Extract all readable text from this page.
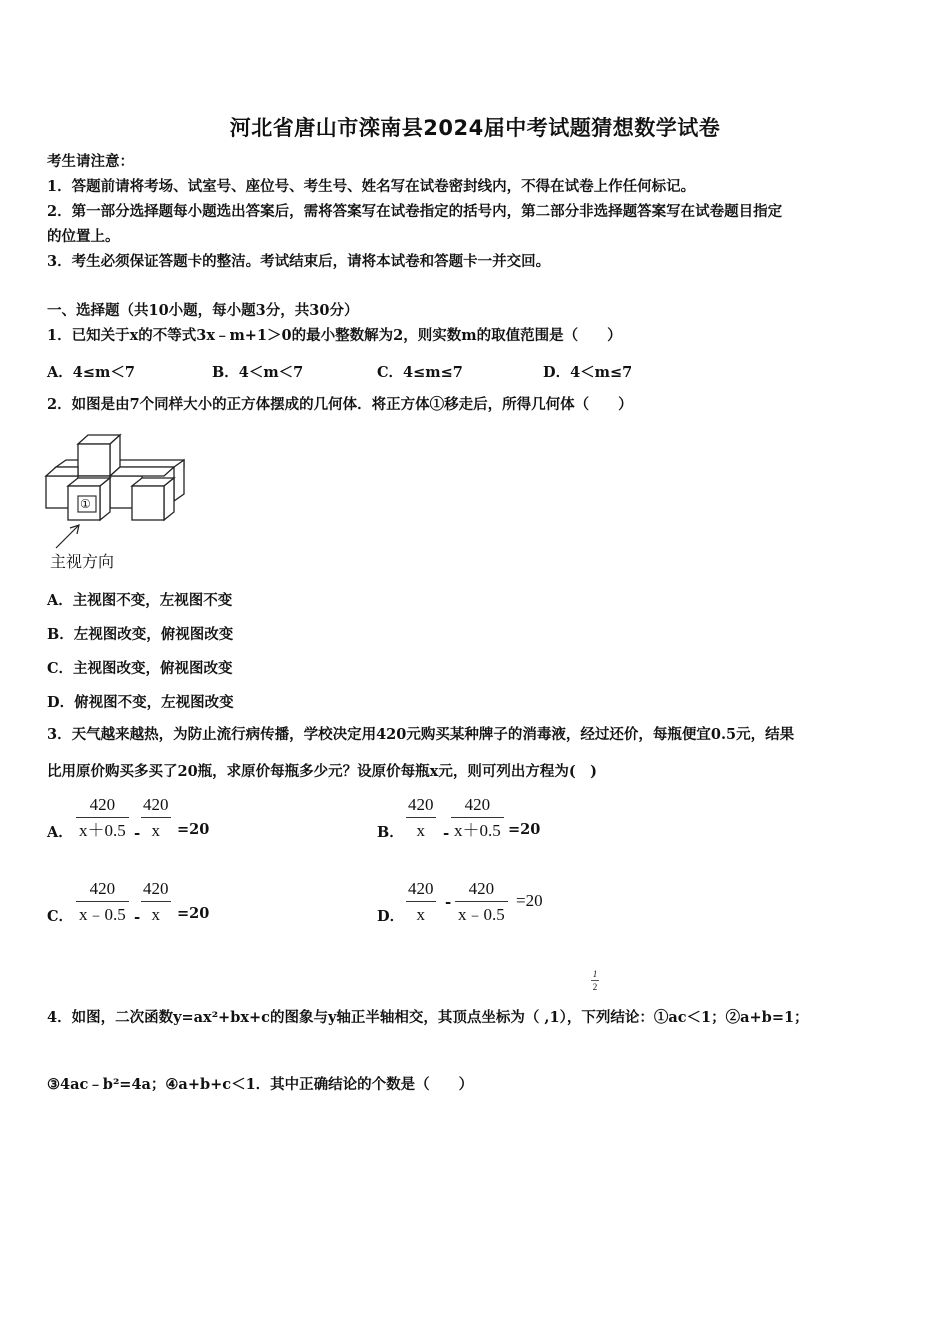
河北省唐山市滦南县2024届中考试题猜想数学试卷
考生请注意：
1．答题前请将考场、试室号、座位号、考生号、姓名写在试卷密封线内，不得在试卷上作任何标记。
2．第一部分选择题每小题选出答案后，需将答案写在试卷指定的括号内，第二部分非选择题答案写在试卷题目指定
的位置上。
3．考生必须保证答题卡的整洁。考试结束后，请将本试卷和答题卡一并交回。
一、选择题（共10小题，每小题3分，共30分）
1．已知关于x的不等式3x﹣m+1＞0的最小整数解为2，则实数m的取值范围是（　　）
A．4≤m＜7	B．4＜m＜7	C．4≤m≤7	D．4＜m≤7
2．如图是由7个同样大小的正方体摆成的几何体．将正方体①移走后，所得几何体（　　）
①
主视方向
A．主视图不变，左视图不变
B．左视图改变，俯视图改变
C．主视图改变，俯视图改变
D．俯视图不变，左视图改变
3．天气越来越热，为防止流行病传播，学校决定用420元购买某种牌子的消毒液，经过还价，每瓶便宜0.5元，结果
比用原价购买多买了20瓶，求原价每瓶多少元？设原价每瓶x元，则可列出方程为(　)
A．
420
x＋0.5 -
420
x	=20	B．
420
x	-
420
x＋0.5 =20
C．
420
x﹣0.5 -
420
x	=20	D．
420
x
-
420
x﹣0.5
=20
1
2
4．如图，二次函数y=ax²+bx+c的图象与y轴正半轴相交，其顶点坐标为（ ,1），下列结论：①ac＜1；②a+b=1；
③4ac﹣b²=4a；④a+b+c＜1．其中正确结论的个数是（　　）
